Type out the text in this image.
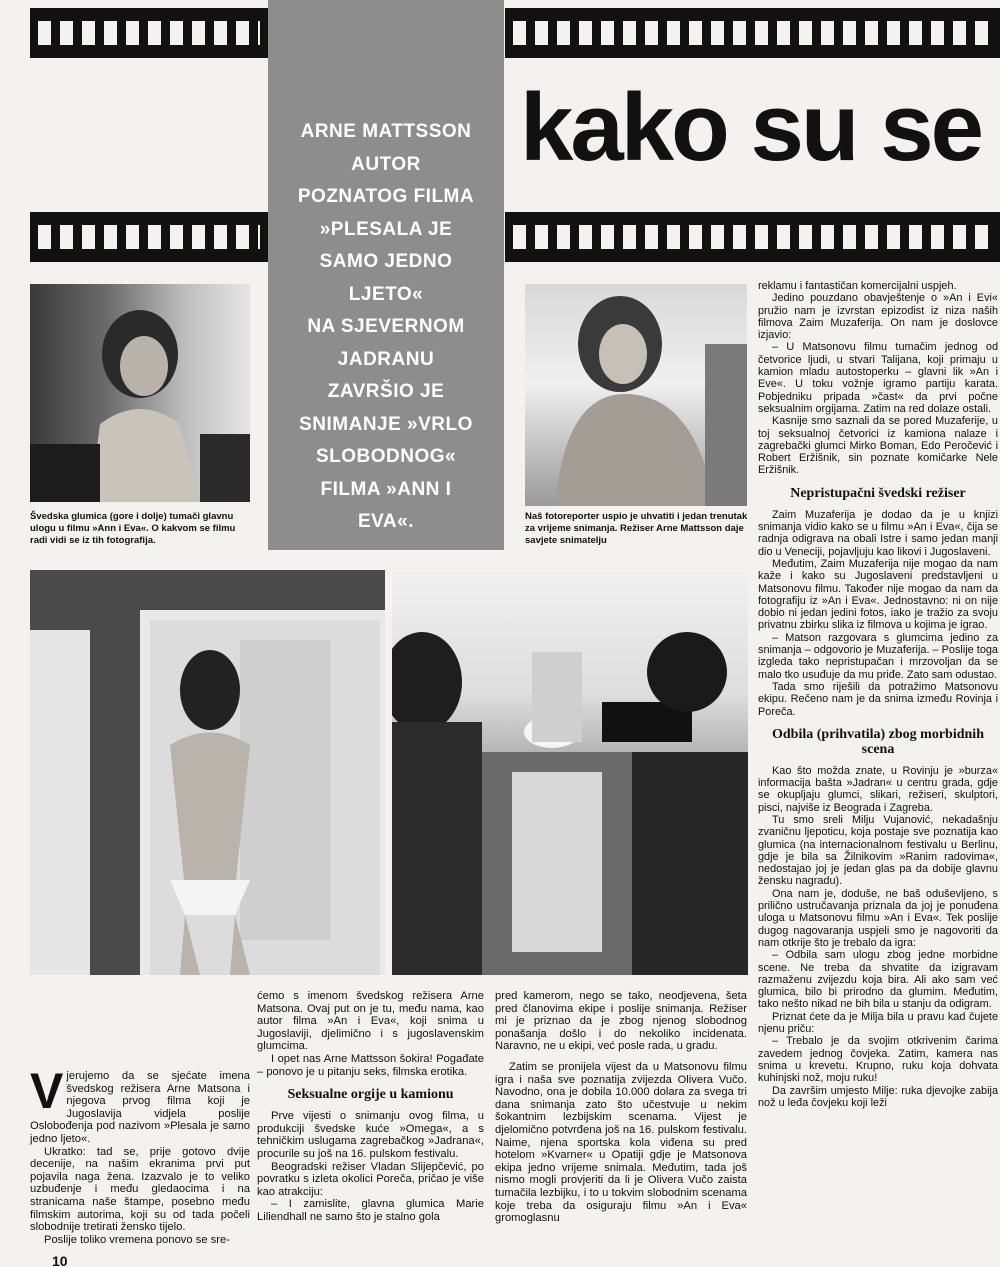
kako su se
ARNE MATTSSON
AUTOR
POZNATOG FILMA
»PLESALA JE
SAMO JEDNO
LJETO«
NA SJEVERNOM
JADRANU
ZAVRŠIO JE
SNIMANJE »VRLO
SLOBODNOG«
FILMA »ANN I
EVA«.
Švedska glumica (gore i dolje) tumači glavnu ulogu u filmu »Ann i Eva«. O kakvom se filmu radi vidi se iz tih fotografija.
Naš fotoreporter uspio je uhvatiti i jedan trenutak za vrijeme snimanja. Režiser Arne Mattsson daje savjete snimatelju

Vjerujemo da se sjećate imena švedskog režisera Arne Matsona i njegova prvog filma koji je Jugoslavija vidjela poslije Oslobođenja pod nazivom »Plesala je samo jedno ljeto«.

Ukratko: tad se, prije gotovo dvije decenije, na našim ekranima prvi put pojavila naga žena. Izazvalo je to veliko uzbuđenje i među gledaocima i na stranicama naše štampe, posebno među filmskim autorima, koji su od tada počeli slobodnije tretirati žensko tijelo.

Poslije toliko vremena ponovo se sre-

ćemo s imenom švedskog režisera Arne Matsona. Ovaj put on je tu, među nama, kao autor filma »An i Eva«, koji snima u Jugoslaviji, djelimično i s jugoslavenskim glumcima.

I opet nas Arne Mattsson šokira! Pogađate – ponovo je u pitanju seks, filmska erotika.

Seksualne orgije u kamionu

Prve vijesti o snimanju ovog filma, u produkciji švedske kuće »Omega«, a s tehničkim uslugama zagrebačkog »Jadrana«, procurile su još na 16. pulskom festivalu.

Beogradski režiser Vladan Slijepčević, po povratku s izleta okolici Poreča, pričao je više kao atrakciju:

– I zamislite, glavna glumica Marie Liliendhall ne samo što je stalno gola

pred kamerom, nego se tako, neodjevena, šeta pred članovima ekipe i poslije snimanja. Režiser mi je priznao da je zbog njenog slobodnog ponašanja došlo i do nekoliko incidenata. Naravno, ne u ekipi, već posle rada, u gradu.

Zatim se pronijela vijest da u Matsonovu filmu igra i naša sve poznatija zvijezda Olivera Vučo. Navodno, ona je dobila 10.000 dolara za svega tri dana snimanja zato što učestvuje u nekim šokantnim lezbijskim scenama. Vijest je djelomično potvrđena još na 16. pulskom festivalu. Naime, njena sportska kola viđena su pred hotelom »Kvarner« u Opatiji gdje je Matsonova ekipa jedno vrijeme snimala. Međutim, tada još nismo mogli provjeriti da li je Olivera Vučo zaista tumačila lezbijku, i to u tokvim slobodnim scenama koje treba da osiguraju filmu »An i Eva« gromoglasnu

reklamu i fantastičan komercijalni uspjeh.

Jedino pouzdano obavještenje o »An i Evi« pružio nam je izvrstan epizodist iz niza naših filmova Zaim Muzaferija. On nam je doslovce izjavio:

– U Matsonovu filmu tumačim jednog od četvorice ljudi, u stvari Talijana, koji primaju u kamion mladu autostoperku – glavni lik »An i Eve«. U toku vožnje igramo partiju karata. Pobjedniku pripada »čast« da prvi počne seksualnim orgijama. Zatim na red dolaze ostali.

Kasnije smo saznali da se pored Muzaferije, u toj seksualnoj četvorici iz kamiona nalaze i zagrebački glumci Mirko Boman, Edo Peročević i Robert Eržišnik, sin poznate komičarke Nele Eržišnik.

Nepristupačni švedski režiser

Zaim Muzaferija je dodao da je u knjizi snimanja vidio kako se u filmu »An i Eva«, čija se radnja odigrava na obali Istre i samo jedan manji dio u Veneciji, pojavljuju kao likovi i Jugoslaveni.

Međutim, Zaim Muzaferija nije mogao da nam kaže i kako su Jugoslaveni predstavljeni u Matsonovu filmu. Također nije mogao da nam da fotografiju iz »An i Eva«. Jednostavno: ni on nije dobio ni jedan jedini fotos, iako je tražio za svoju privatnu zbirku slika iz filmova u kojima je igrao.

– Matson razgovara s glumcima jedino za snimanja – odgovorio je Muzaferija. – Poslije toga izgleda tako nepristupačan i mrzovoljan da se malo tko usuđuje da mu priđe. Zato sam odustao.

Tada smo riješili da potražimo Matsonovu ekipu. Rečeno nam je da snima između Rovinja i Poreča.

Odbila (prihvatila) zbog morbidnih scena

Kao što možda znate, u Rovinju je »burza« informacija bašta »Jadran« u centru grada, gdje se okupljaju glumci, slikari, režiseri, skulptori, pisci, najviše iz Beograda i Zagreba.

Tu smo sreli Milju Vujanović, nekadašnju zvaničnu ljepoticu, koja postaje sve poznatija kao glumica (na internacionalnom festivalu u Berlinu, gdje je bila sa Žilnikovim »Ranim radovima«, nedostajao joj je jedan glas pa da dobije glavnu žensku nagradu).

Ona nam je, doduše, ne baš oduševljeno, s prilično ustručavanja priznala da joj je ponuđena uloga u Matsonovu filmu »An i Eva«. Tek poslije dugog nagovaranja uspjeli smo je nagovoriti da nam otkrije što je trebalo da igra:

– Odbila sam ulogu zbog jedne morbidne scene. Ne treba da shvatite da izigravam razmaženu zvijezdu koja bira. Ali ako sam već glumica, bilo bi prirodno da glumim. Međutim, tako nešto nikad ne bih bila u stanju da odigram.

Priznat ćete da je Milja bila u pravu kad čujete njenu priču:

– Trebalo je da svojim otkrivenim čarima zavedem jednog čovjeka. Zatim, kamera nas snima u krevetu. Krupno, ruku koja dohvata kuhinjski nož, moju ruku!

Da završim umjesto Milje: ruka djevojke zabija nož u leđa čovjeku koji leži

10
